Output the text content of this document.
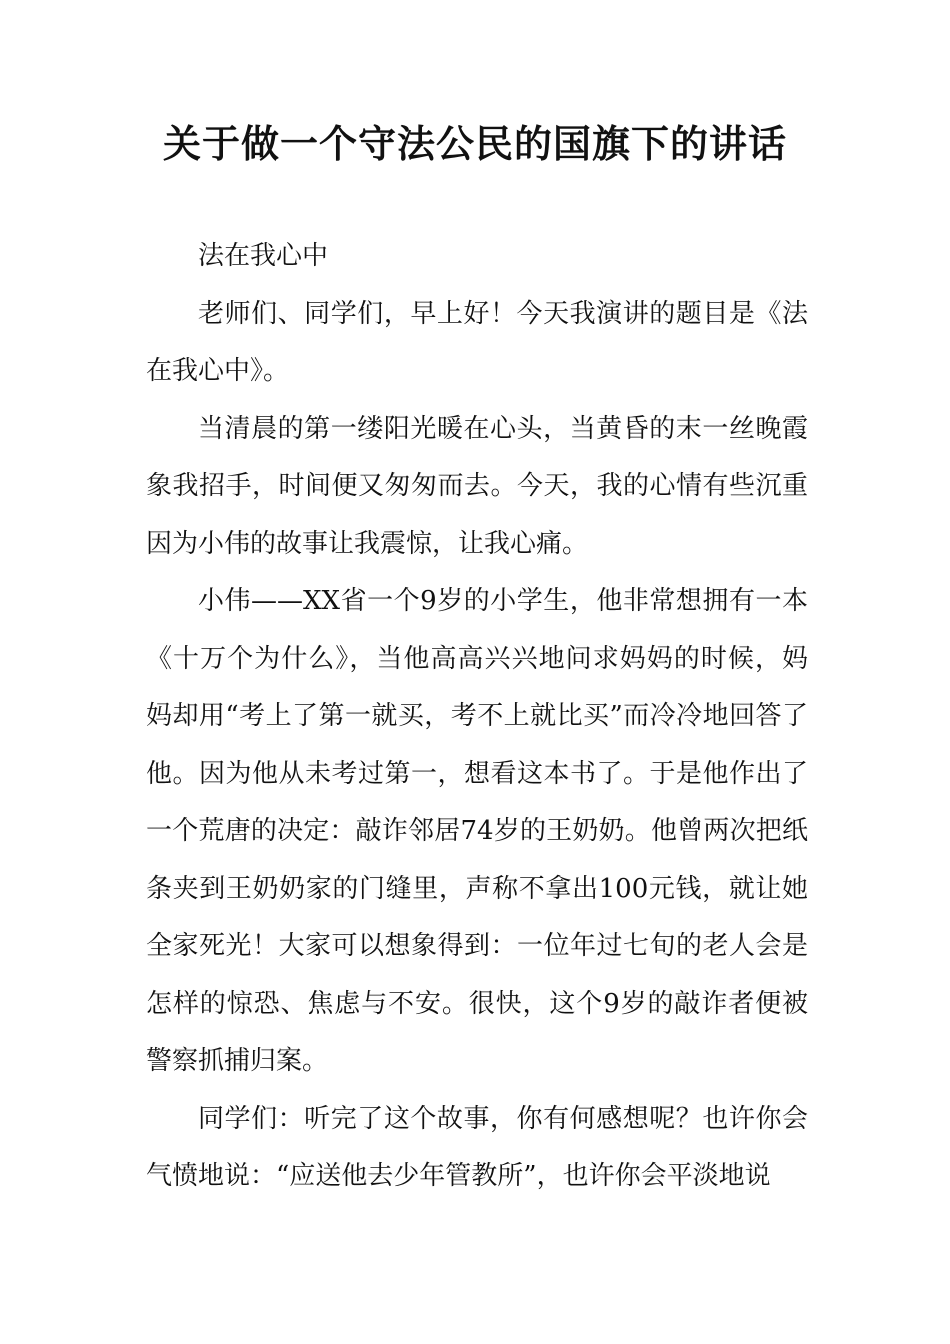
关于做一个守法公民的国旗下的讲话

法在我心中

老师们、同学们，早上好！今天我演讲的题目是《法在我心中》。

当清晨的第一缕阳光暖在心头，当黄昏的末一丝晚霞象我招手，时间便又匆匆而去。今天，我的心情有些沉重因为小伟的故事让我震惊，让我心痛。

小伟——XX省一个9岁的小学生，他非常想拥有一本《十万个为什么》，当他高高兴兴地问求妈妈的时候，妈妈却用“考上了第一就买，考不上就比买”而冷冷地回答了他。因为他从未考过第一，想看这本书了。于是他作出了一个荒唐的决定：敲诈邻居74岁的王奶奶。他曾两次把纸条夹到王奶奶家的门缝里，声称不拿出100元钱，就让她全家死光！大家可以想象得到：一位年过七旬的老人会是怎样的惊恐、焦虑与不安。很快，这个9岁的敲诈者便被警察抓捕归案。

同学们：听完了这个故事，你有何感想呢？也许你会气愤地说：“应送他去少年管教所”，也许你会平淡地说
